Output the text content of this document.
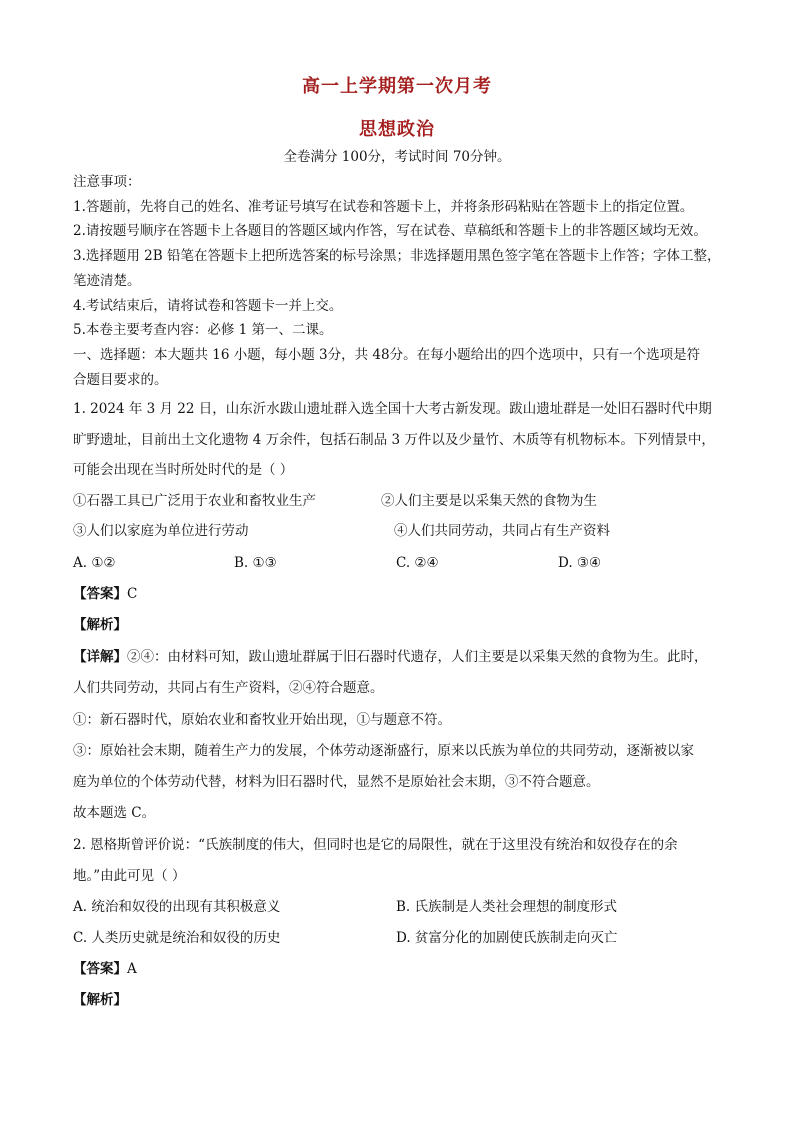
高一上学期第一次月考
思想政治
全卷满分 100分，考试时间 70分钟。
注意事项：
1.答题前，先将自己的姓名、准考证号填写在试卷和答题卡上，并将条形码粘贴在答题卡上的指定位置。
2.请按题号顺序在答题卡上各题目的答题区域内作答，写在试卷、草稿纸和答题卡上的非答题区域均无效。
3.选择题用 2B 铅笔在答题卡上把所选答案的标号涂黑；非选择题用黑色签字笔在答题卡上作答；字体工整，
笔迹清楚。
4.考试结束后，请将试卷和答题卡一并上交。
5.本卷主要考查内容：必修 1 第一、二课。
一、选择题：本大题共 16 小题，每小题 3分，共 48分。在每小题给出的四个选项中，只有一个选项是符
合题目要求的。
1. 2024 年 3 月 22 日，山东沂水跋山遗址群入选全国十大考古新发现。跋山遗址群是一处旧石器时代中期
旷野遗址，目前出土文化遗物 4 万余件，包括石制品 3 万件以及少量竹、木质等有机物标本。下列情景中，
可能会出现在当时所处时代的是（ ）
①石器工具已广泛用于农业和畜牧业生产	②人们主要是以采集天然的食物为生
③人们以家庭为单位进行劳动	④人们共同劳动，共同占有生产资料
A. ①②	B. ①③	C. ②④	D. ③④
【答案】C
【解析】
【详解】②④：由材料可知，跋山遗址群属于旧石器时代遗存，人们主要是以采集天然的食物为生。此时，
人们共同劳动，共同占有生产资料，②④符合题意。
①：新石器时代，原始农业和畜牧业开始出现，①与题意不符。
③：原始社会末期，随着生产力的发展，个体劳动逐渐盛行，原来以氏族为单位的共同劳动，逐渐被以家
庭为单位的个体劳动代替，材料为旧石器时代，显然不是原始社会末期，③不符合题意。
故本题选 C。
2. 恩格斯曾评价说：“氏族制度的伟大，但同时也是它的局限性，就在于这里没有统治和奴役存在的余
地。”由此可见（ ）
A. 统治和奴役的出现有其积极意义	B. 氏族制是人类社会理想的制度形式
C. 人类历史就是统治和奴役的历史	D. 贫富分化的加剧使氏族制走向灭亡
【答案】A
【解析】
